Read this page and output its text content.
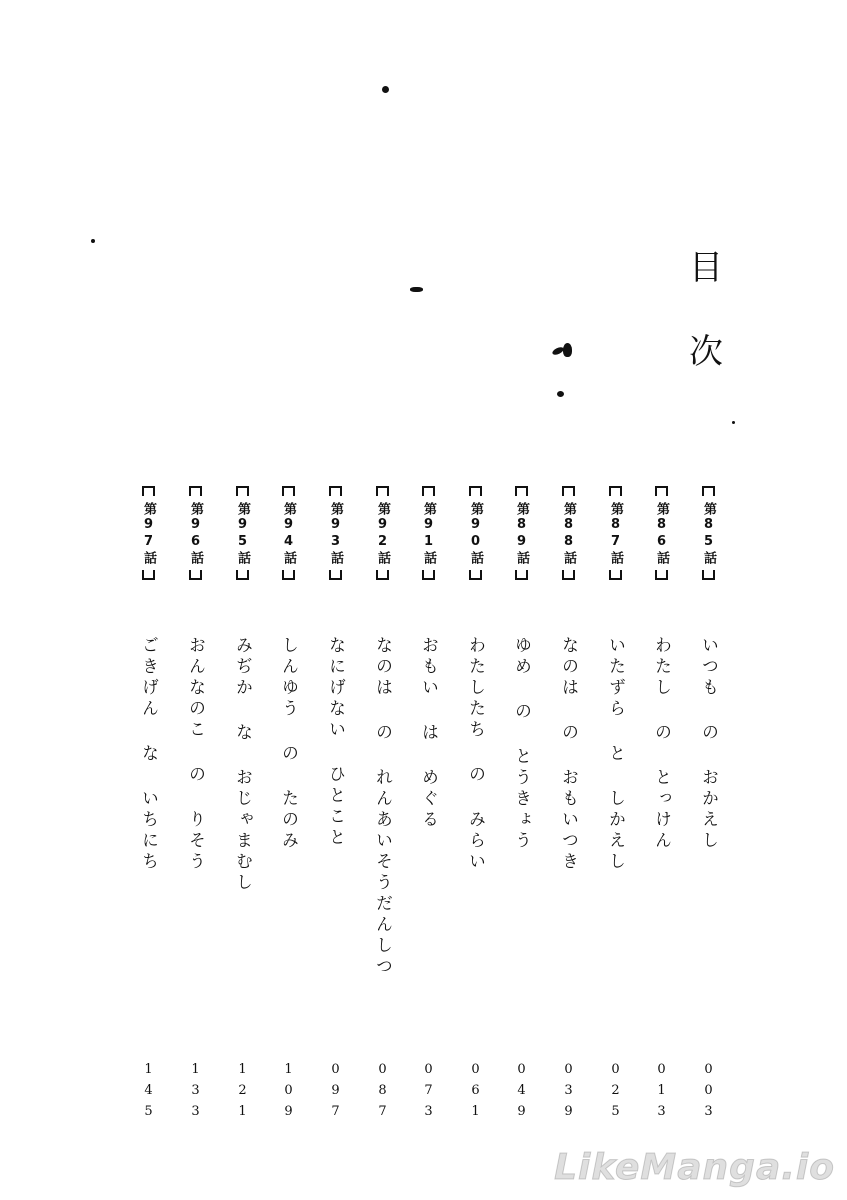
目
次
第85話
いつも の おかえし
第86話
わたし の とっけん
第87話
いたずら と しかえし
第88話
なのは の おもいつき
第89話
ゆめ の とうきょう
第90話
わたしたち の みらい
第91話
おもい は めぐる
第92話
なのは の れんあいそうだんしつ
第93話
なにげない ひとこと
第94話
しんゆう の たのみ
第95話
みぢか な おじゃまむし
第96話
おんなのこ の りそう
第97話
ごきげん な いちにち
003
013
025
039
049
061
073
087
097
109
121
133
145
LikeManga.io
